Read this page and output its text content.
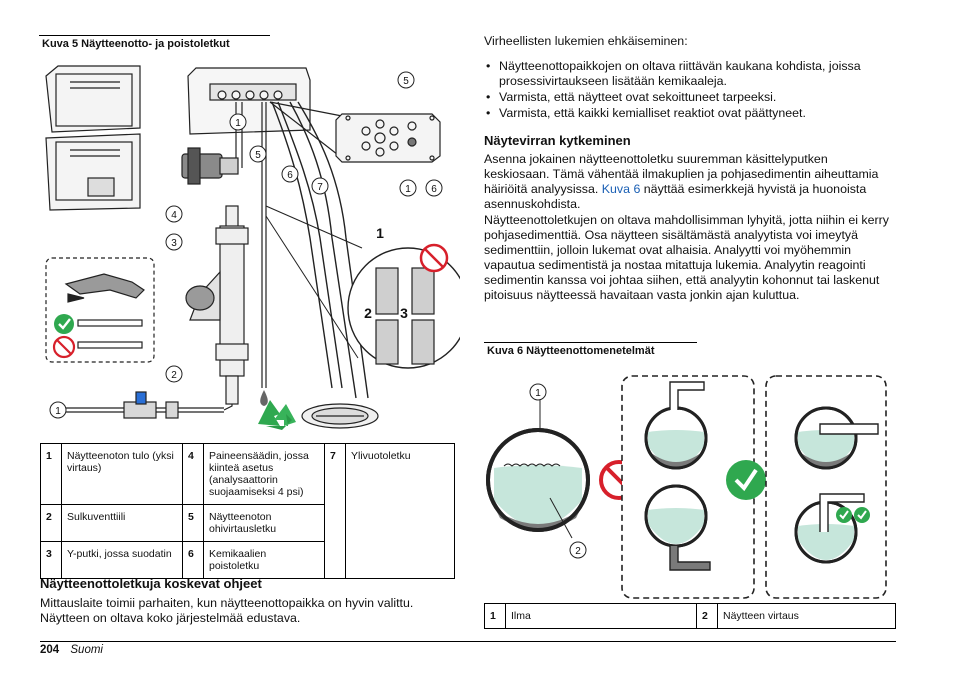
Kuva 5 Näytteenotto- ja poistoletkut
1
5
5
6
7	1 6
4
3
2
1
1
2 3
1	Näytteenoton tulo (yksi virtaus)	4	Paineensäädin, jossa kiinteä asetus (analysaattorin suojaamiseksi 4 psi)	7	Ylivuotoletku
2	Sulkuventtiili	5	Näytteenoton ohivirtausletku		
3	Y-putki, jossa suodatin	6	Kemikaalien poistoletku		
Näytteenottoletkuja koskevat ohjeet
Mittauslaite toimii parhaiten, kun näytteenottopaikka on hyvin valittu. Näytteen on oltava koko järjestelmää edustava.
Virheellisten lukemien ehkäiseminen:
• Näytteenottopaikkojen on oltava riittävän kaukana kohdista, joissa prosessivirtaukseen lisätään kemikaaleja.
• Varmista, että näytteet ovat sekoittuneet tarpeeksi.
• Varmista, että kaikki kemialliset reaktiot ovat päättyneet.
Näytevirran kytkeminen
Asenna jokainen näytteenottoletku suuremman käsittelyputken keskiosaan. Tämä vähentää ilmakuplien ja pohjasedimentin aiheuttamia häiriöitä analyysissa. Kuva 6 näyttää esimerkkejä hyvistä ja huonoista asennuskohdista.
Näytteenottoletkujen on oltava mahdollisimman lyhyitä, jotta niihin ei kerry pohjasedimenttiä. Osa näytteen sisältämästä analyytista voi imeytyä sedimenttiin, jolloin lukemat ovat alhaisia. Analyytti voi myöhemmin vapautua sedimentistä ja nostaa mitattuja lukemia. Analyytin reagointi sedimentin kanssa voi johtaa siihen, että analyytin kohonnut tai laskenut pitoisuus näytteessä havaitaan vasta jonkin ajan kuluttua.
Kuva 6 Näytteenottomenetelmät
1
2
1	Ilma	2	Näytteen virtaus
204 Suomi
